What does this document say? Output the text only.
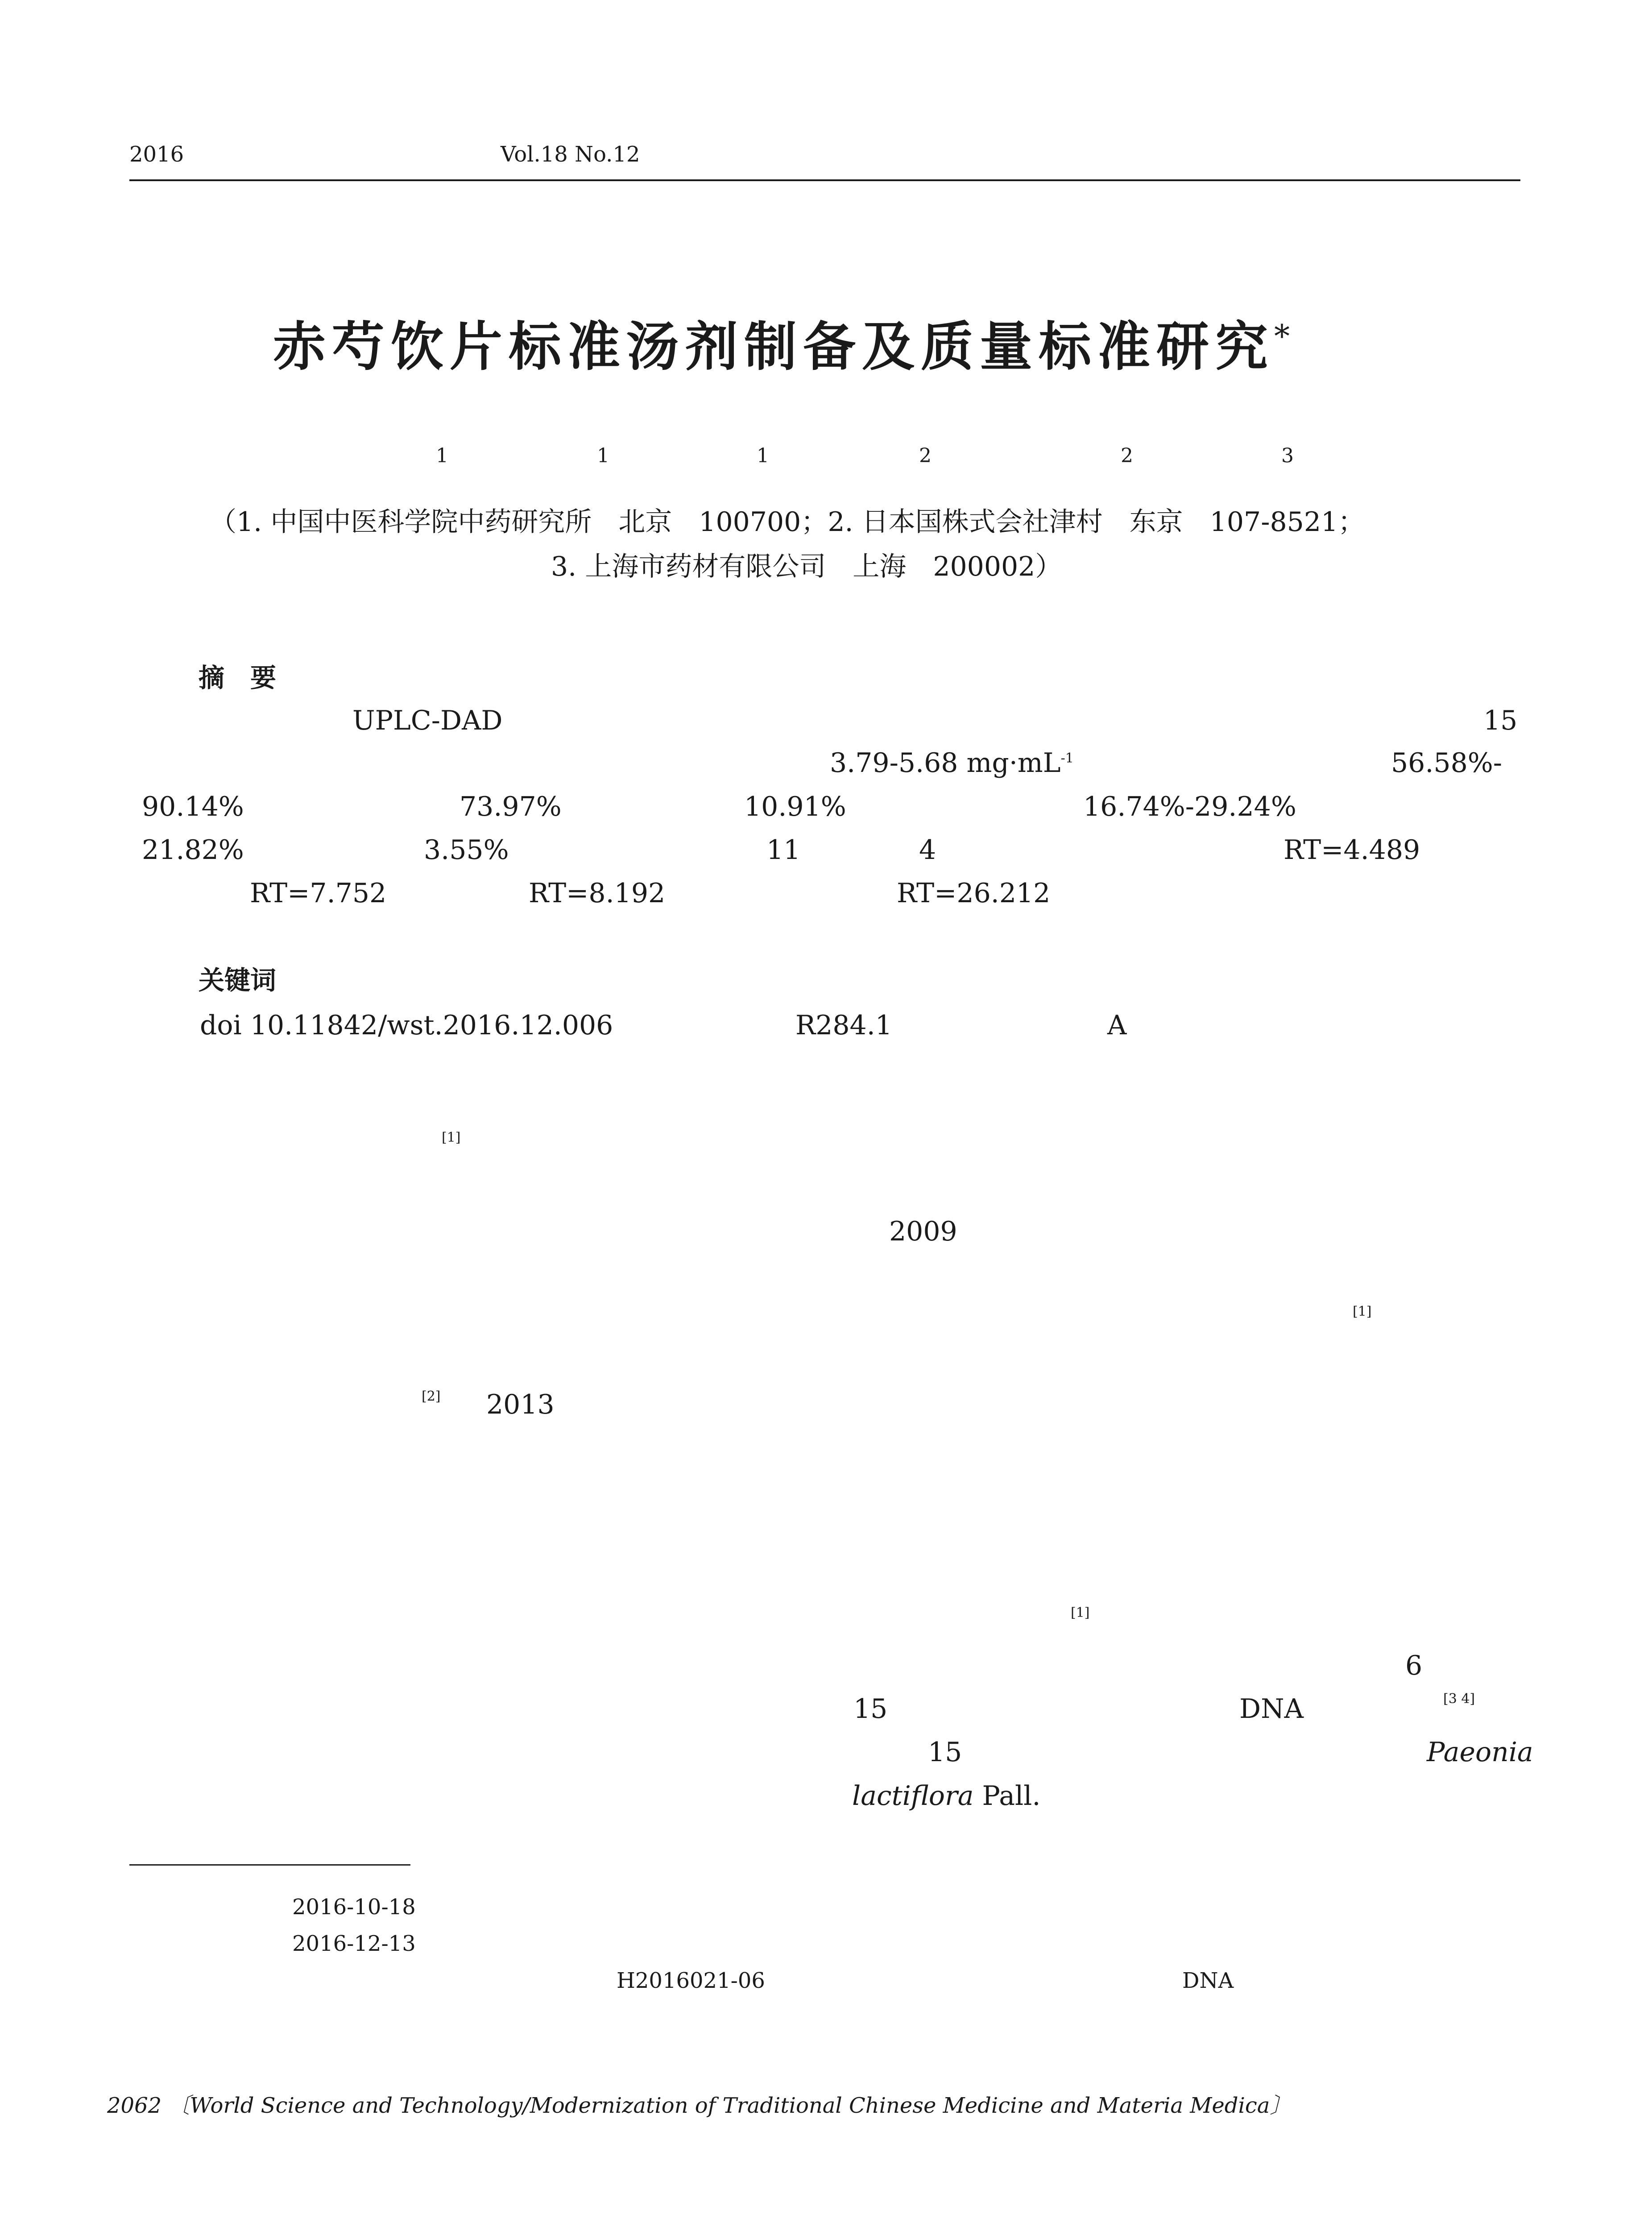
2016	Vol.18 No.12
赤芍饮片标准汤剂制备及质量标准研究*
1	1	1	2	2	3
（1. 中国中医科学院中药研究所　北京　100700；2. 日本国株式会社津村　东京　107-8521；
3. 上海市药材有限公司　上海　200002）
摘　要
UPLC-DAD	15
3.79-5.68 $mg\cdot mL^{-1}$	56.58%-
90.14%	73.97%	10.91%	16.74%-29.24%
21.82%	3.55%	11	4	RT=4.489
RT=7.752	RT=8.192	RT=26.212
关键词
doi 10.11842/wst.2016.12.006	R284.1	A
[1]
2009
[1]
[2] 2013
[1]
6
15	DNA	[3 4]
15	Paeonia
lactiflora Pall.
2016-10-18
2016-12-13
H2016021-06	DNA
2062 〔World Science and Technology/Modernization of Traditional Chinese Medicine and Materia Medica〕
